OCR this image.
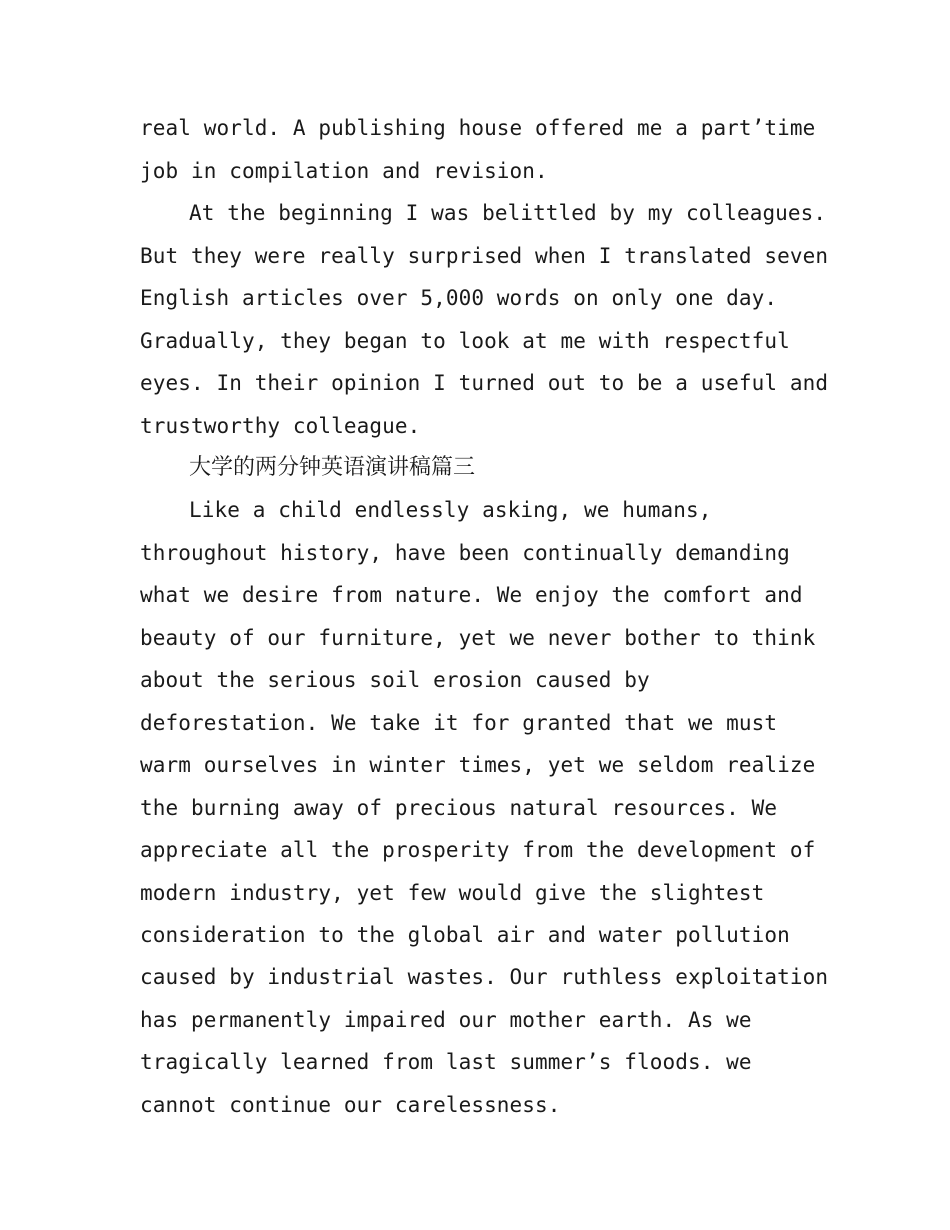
real world. A publishing house offered me a part’time
job in compilation and revision.
At the beginning I was belittled by my colleagues.
But they were really surprised when I translated seven
English articles over 5,000 words on only one day.
Gradually, they began to look at me with respectful
eyes. In their opinion I turned out to be a useful and
trustworthy colleague.
大学的两分钟英语演讲稿篇三
Like a child endlessly asking, we humans,
throughout history, have been continually demanding
what we desire from nature. We enjoy the comfort and
beauty of our furniture, yet we never bother to think
about the serious soil erosion caused by
deforestation. We take it for granted that we must
warm ourselves in winter times, yet we seldom realize
the burning away of precious natural resources. We
appreciate all the prosperity from the development of
modern industry, yet few would give the slightest
consideration to the global air and water pollution
caused by industrial wastes. Our ruthless exploitation
has permanently impaired our mother earth. As we
tragically learned from last summer’s floods. we
cannot continue our carelessness.
